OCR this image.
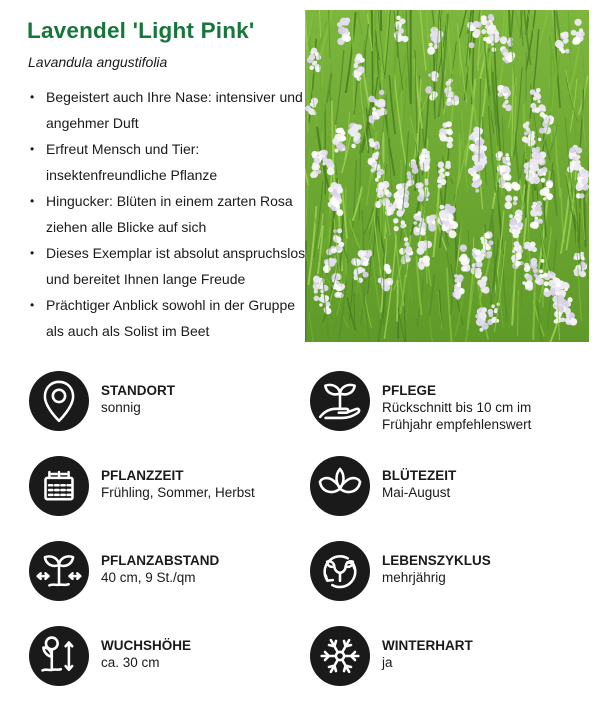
Lavendel 'Light Pink'
Lavandula angustifolia
• Begeistert auch Ihre Nase: intensiver und
angehmer Duft
• Erfreut Mensch und Tier:
insektenfreundliche Pflanze
• Hingucker: Blüten in einem zarten Rosa
ziehen alle Blicke auf sich
• Dieses Exemplar ist absolut anspruchslos
und bereitet Ihnen lange Freude
• Prächtiger Anblick sowohl in der Gruppe
als auch als Solist im Beet
STANDORT
sonnig
PFLEGE
Rückschnitt bis 10 cm im Frühjahr empfehlenswert
PFLANZZEIT
Frühling, Sommer, Herbst
BLÜTEZEIT
Mai-August
PFLANZABSTAND
40 cm, 9 St./qm
LEBENSZYKLUS
mehrjährig
WUCHSHÖHE
ca. 30 cm
WINTERHART
ja
